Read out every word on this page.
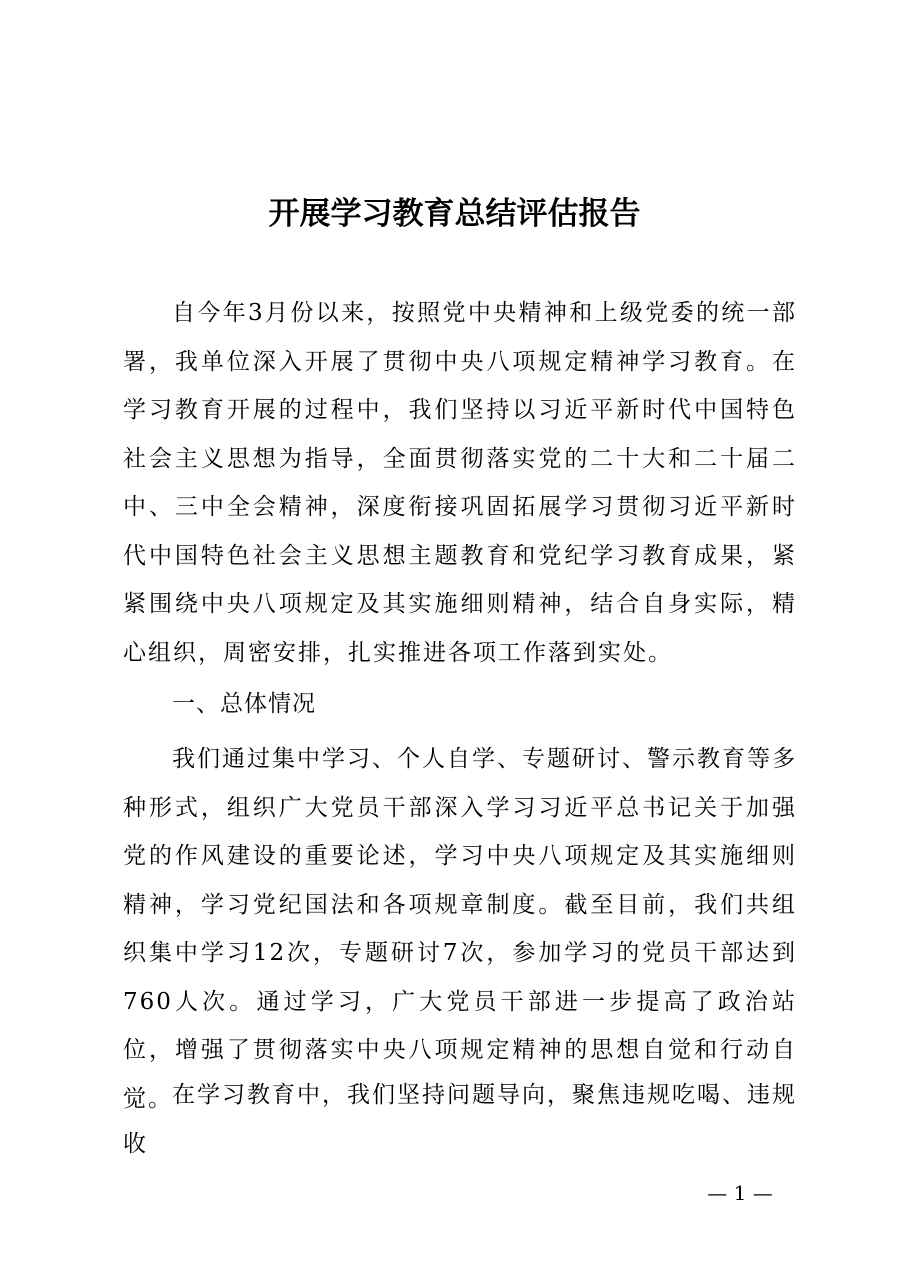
开展学习教育总结评估报告

自今年3月份以来，按照党中央精神和上级党委的统一部署，我单位深入开展了贯彻中央八项规定精神学习教育。在学习教育开展的过程中，我们坚持以习近平新时代中国特色社会主义思想为指导，全面贯彻落实党的二十大和二十届二中、三中全会精神，深度衔接巩固拓展学习贯彻习近平新时代中国特色社会主义思想主题教育和党纪学习教育成果，紧紧围绕中央八项规定及其实施细则精神，结合自身实际，精心组织，周密安排，扎实推进各项工作落到实处。

一、总体情况

我们通过集中学习、个人自学、专题研讨、警示教育等多种形式，组织广大党员干部深入学习习近平总书记关于加强党的作风建设的重要论述，学习中央八项规定及其实施细则精神，学习党纪国法和各项规章制度。截至目前，我们共组织集中学习12次，专题研讨7次，参加学习的党员干部达到760人次。通过学习，广大党员干部进一步提高了政治站位，增强了贯彻落实中央八项规定精神的思想自觉和行动自觉。 在学习教育中，我们坚持问题导向，聚焦违规吃喝、违规收

— 1 —
